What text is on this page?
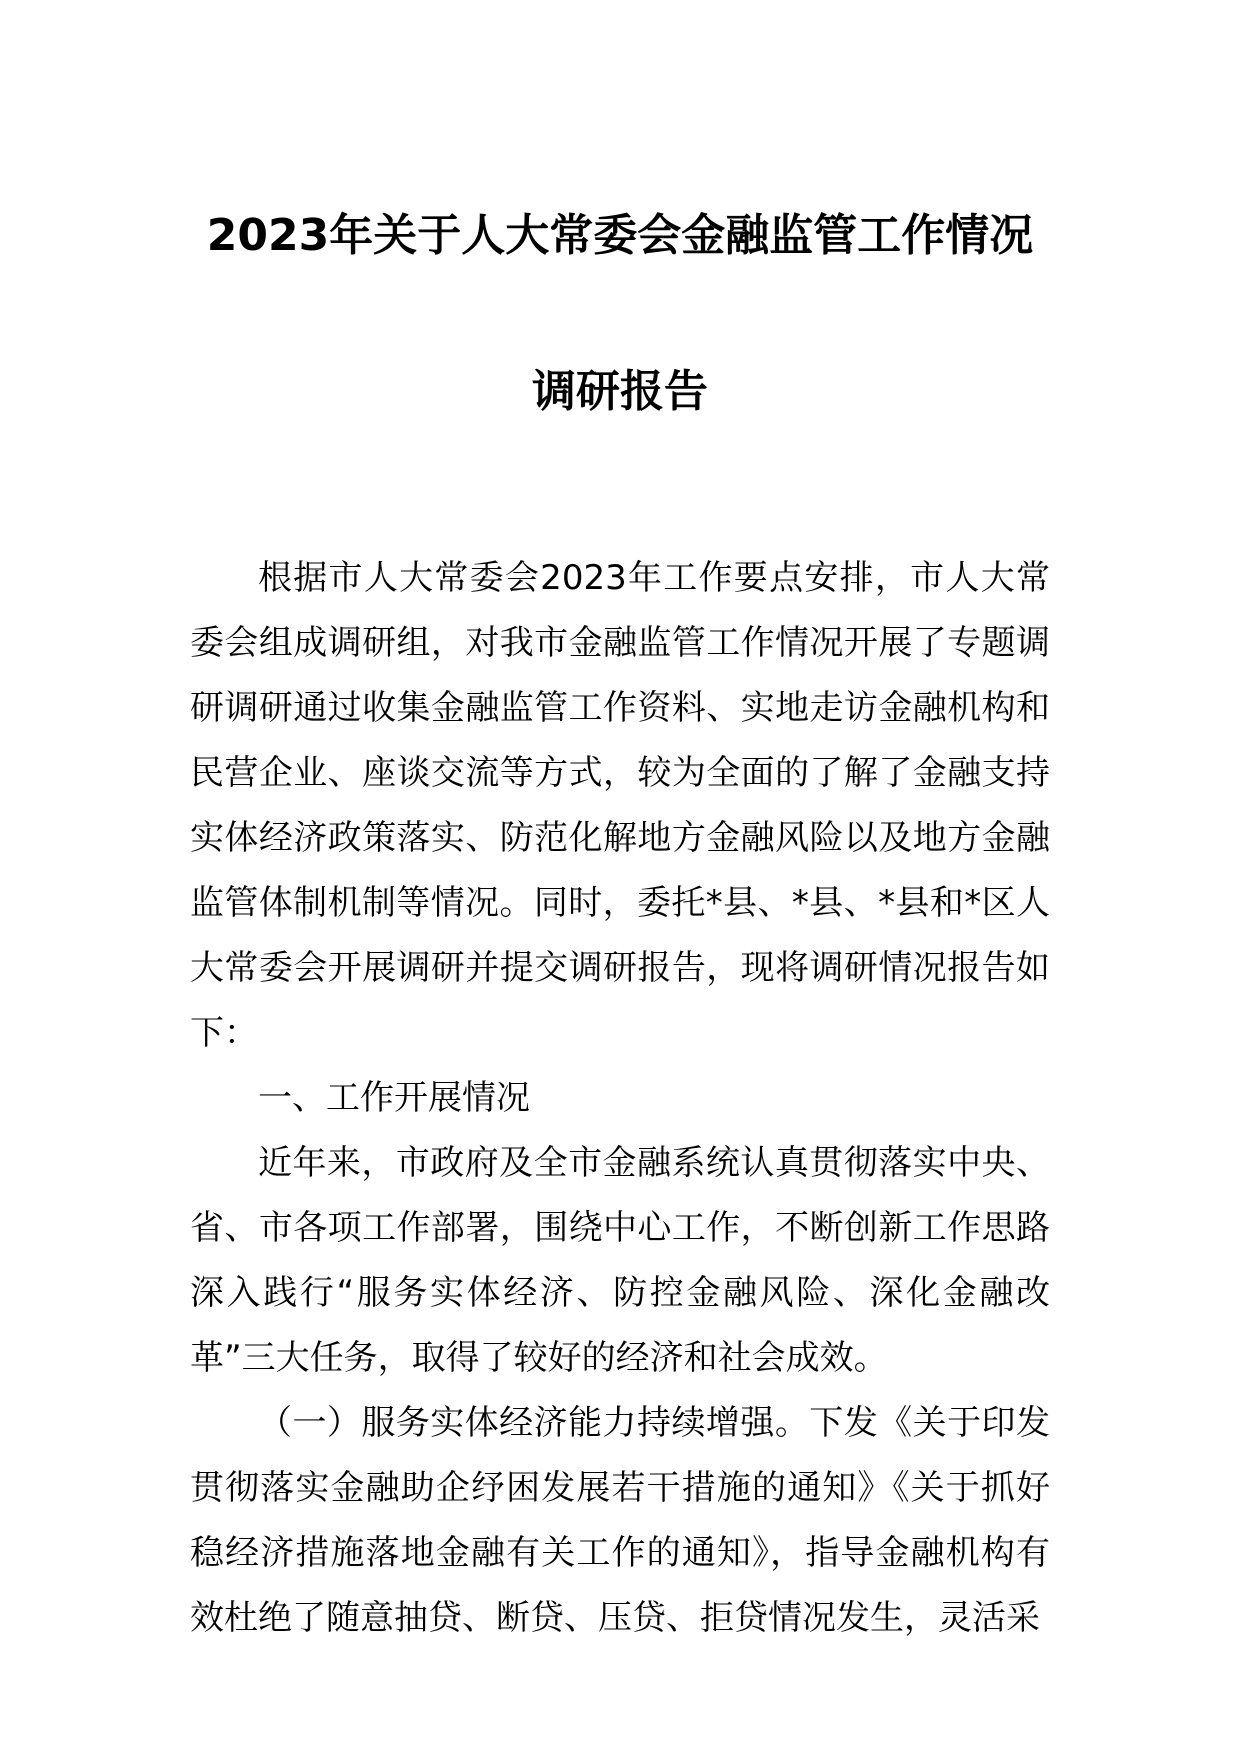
2023年关于人大常委会金融监管工作情况
调研报告

根据市人大常委会2023年工作要点安排，市人大常委会组成调研组，对我市金融监管工作情况开展了专题调研调研通过收集金融监管工作资料、实地走访金融机构和民营企业、座谈交流等方式，较为全面的了解了金融支持实体经济政策落实、防范化解地方金融风险以及地方金融监管体制机制等情况。同时，委托*县、*县、*县和*区人大常委会开展调研并提交调研报告，现将调研情况报告如下：

一、工作开展情况

近年来，市政府及全市金融系统认真贯彻落实中央、省、市各项工作部署，围绕中心工作，不断创新工作思路深入践行“服务实体经济、防控金融风险、深化金融改革”三大任务，取得了较好的经济和社会成效。

（一）服务实体经济能力持续增强。下发《关于印发贯彻落实金融助企纾困发展若干措施的通知》《关于抓好稳经济措施落地金融有关工作的通知》，指导金融机构有效杜绝了随意抽贷、断贷、压贷、拒贷情况发生，灵活采
